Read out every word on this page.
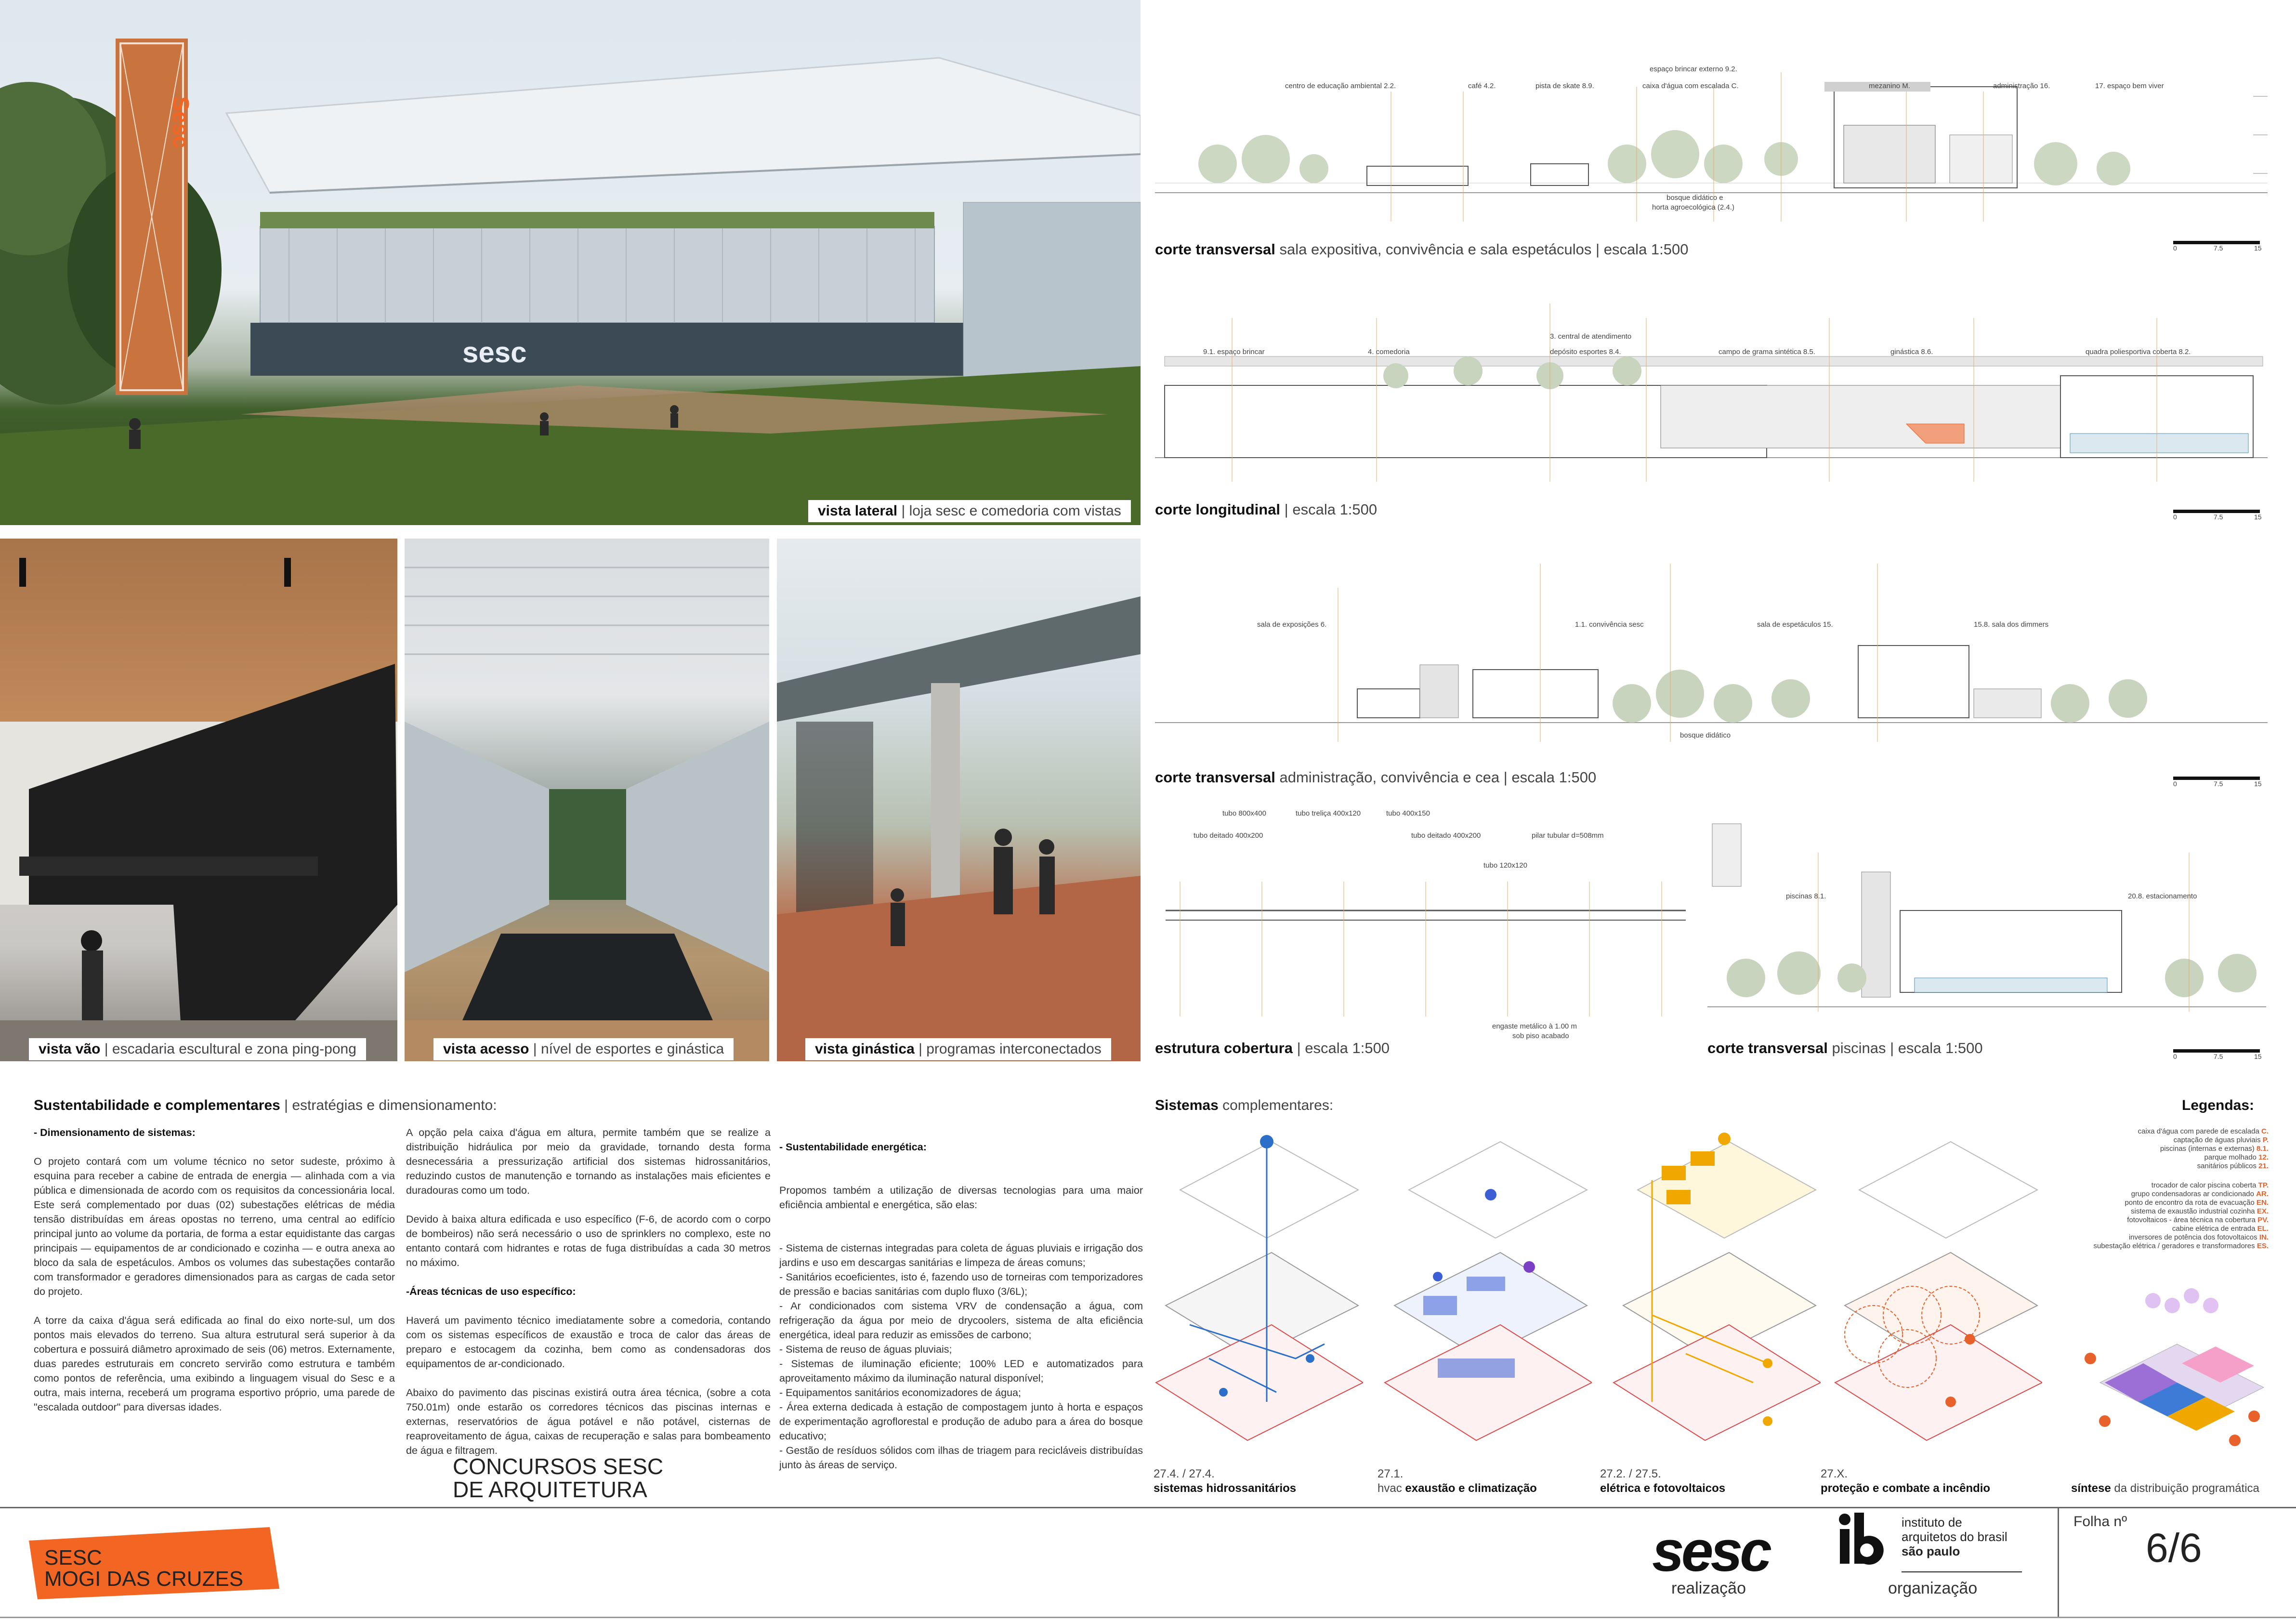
Sesc
sesc
vista lateral | loja sesc e comedoria com vistas
vista vão | escadaria escultural e zona ping-pong	vista acesso | nível de esportes e ginástica	vista ginástica | programas interconectados
espaço brincar externo 9.2.
centro de educação ambiental 2.2.	café 4.2.	pista de skate 8.9.	caixa d'água com escalada C.	mezanino M.	administração 16.	17. espaço bem viver
bosque didático e
horta agroecológica (2.4.)
corte transversal sala expositiva, convivência e sala espetáculos | escala 1:500
3. central de atendimento
9.1. espaço brincar	4. comedoria	depósito esportes 8.4.	campo de grama sintética 8.5.	ginástica 8.6.	quadra poliesportiva coberta 8.2.
corte longitudinal | escala 1:500
sala de exposições 6.	1.1. convivência sesc	sala de espetáculos 15.	15.8. sala dos dimmers
bosque didático
corte transversal administração, convivência e cea | escala 1:500
tubo 800x400	tubo treliça 400x120	tubo 400x150
tubo deitado 400x200	tubo deitado 400x200	pilar tubular d=508mm
tubo 120x120
engaste metálico à 1.00 m
sob piso acabado
estrutura cobertura | escala 1:500
piscinas 8.1.	20.8. estacionamento
corte transversal piscinas | escala 1:500
0	7.5	15
0	7.5	15
0	7.5	15
0	7.5	15
Sustentabilidade e complementares | estratégias e dimensionamento:

- Dimensionamento de sistemas:

O projeto contará com um volume técnico no setor sudeste, próximo à esquina para receber a cabine de entrada de energia — alinhada com a via pública e dimensionada de acordo com os requisitos da concessionária local. Este será complementado por duas (02) subestações elétricas de média tensão distribuídas em áreas opostas no terreno, uma central ao edifício principal junto ao volume da portaria, de forma a estar equidistante das cargas principais — equipamentos de ar condicionado e cozinha — e outra anexa ao bloco da sala de espetáculos. Ambos os volumes das subestações contarão com transformador e geradores dimensionados para as cargas de cada setor do projeto.

A torre da caixa d'água será edificada ao final do eixo norte-sul, um dos pontos mais elevados do terreno. Sua altura estrutural será superior à da cobertura e possuirá diâmetro aproximado de seis (06) metros. Externamente, duas paredes estruturais em concreto servirão como estrutura e também como pontos de referência, uma exibindo a linguagem visual do Sesc e a outra, mais interna, receberá um programa esportivo próprio, uma parede de "escalada outdoor" para diversas idades.

A opção pela caixa d'água em altura, permite também que se realize a distribuição hidráulica por meio da gravidade, tornando desta forma desnecessária a pressurização artificial dos sistemas hidrossanitários, reduzindo custos de manutenção e tornando as instalações mais eficientes e duradouras como um todo.

Devido à baixa altura edificada e uso específico (F-6, de acordo com o corpo de bombeiros) não será necessário o uso de sprinklers no complexo, este no entanto contará com hidrantes e rotas de fuga distribuídas a cada 30 metros no máximo.

-Áreas técnicas de uso específico:

Haverá um pavimento técnico imediatamente sobre a comedoria, contando com os sistemas específicos de exaustão e troca de calor das áreas de preparo e estocagem da cozinha, bem como as condensadoras dos equipamentos de ar-condicionado.

Abaixo do pavimento das piscinas existirá outra área técnica, (sobre a cota 750.01m) onde estarão os corredores técnicos das piscinas internas e externas, reservatórios de água potável e não potável, cisternas de reaproveitamento de água, caixas de recuperação e salas para bombeamento de água e filtragem.

- Sustentabilidade energética:

Propomos também a utilização de diversas tecnologias para uma maior eficiência ambiental e energética, são elas:

- Sistema de cisternas integradas para coleta de águas pluviais e irrigação dos jardins e uso em descargas sanitárias e limpeza de áreas comuns;
- Sanitários ecoeficientes, isto é, fazendo uso de torneiras com temporizadores de pressão e bacias sanitárias com duplo fluxo (3/6L);
- Ar condicionados com sistema VRV de condensação a água, com refrigeração da água por meio de drycoolers, sistema de alta eficiência energética, ideal para reduzir as emissões de carbono;
- Sistema de reuso de águas pluviais;
- Sistemas de iluminação eficiente; 100% LED e automatizados para aproveitamento máximo da iluminação natural disponível;
- Equipamentos sanitários economizadores de água;
- Área externa dedicada à estação de compostagem junto à horta e espaços de experimentação agroflorestal e produção de adubo para a área do bosque educativo;
- Gestão de resíduos sólidos com ilhas de triagem para recicláveis distribuídas junto às áreas de serviço.

Sistemas complementares:
27.4. / 27.4.
sistemas hidrossanitários
27.1.
hvac exaustão e climatização
27.2. / 27.5.
elétrica e fotovoltaicos
27.X.
proteção e combate a incêndio
Legendas:
caixa d'água com parede de escalada C.
captação de águas pluviais P.
piscinas (internas e externas) 8.1.
parque molhado 12.
sanitários públicos 21.
trocador de calor piscina coberta TP.
grupo condensadoras ar condicionado AR.
ponto de encontro da rota de evacuação EN.
sistema de exaustão industrial cozinha EX.
fotovoltaicos - área técnica na cobertura PV.
cabine elétrica de entrada EL.
inversores de potência dos fotovoltaicos IN.
subestação elétrica / geradores e transformadores ES.
síntese da distribuição programática
SESC
MOGI DAS CRUZES
CONCURSOS SESC
DE ARQUITETURA
sesc
realização
instituto de
arquitetos do brasil
são paulo
organização
Folha nº
6/6
